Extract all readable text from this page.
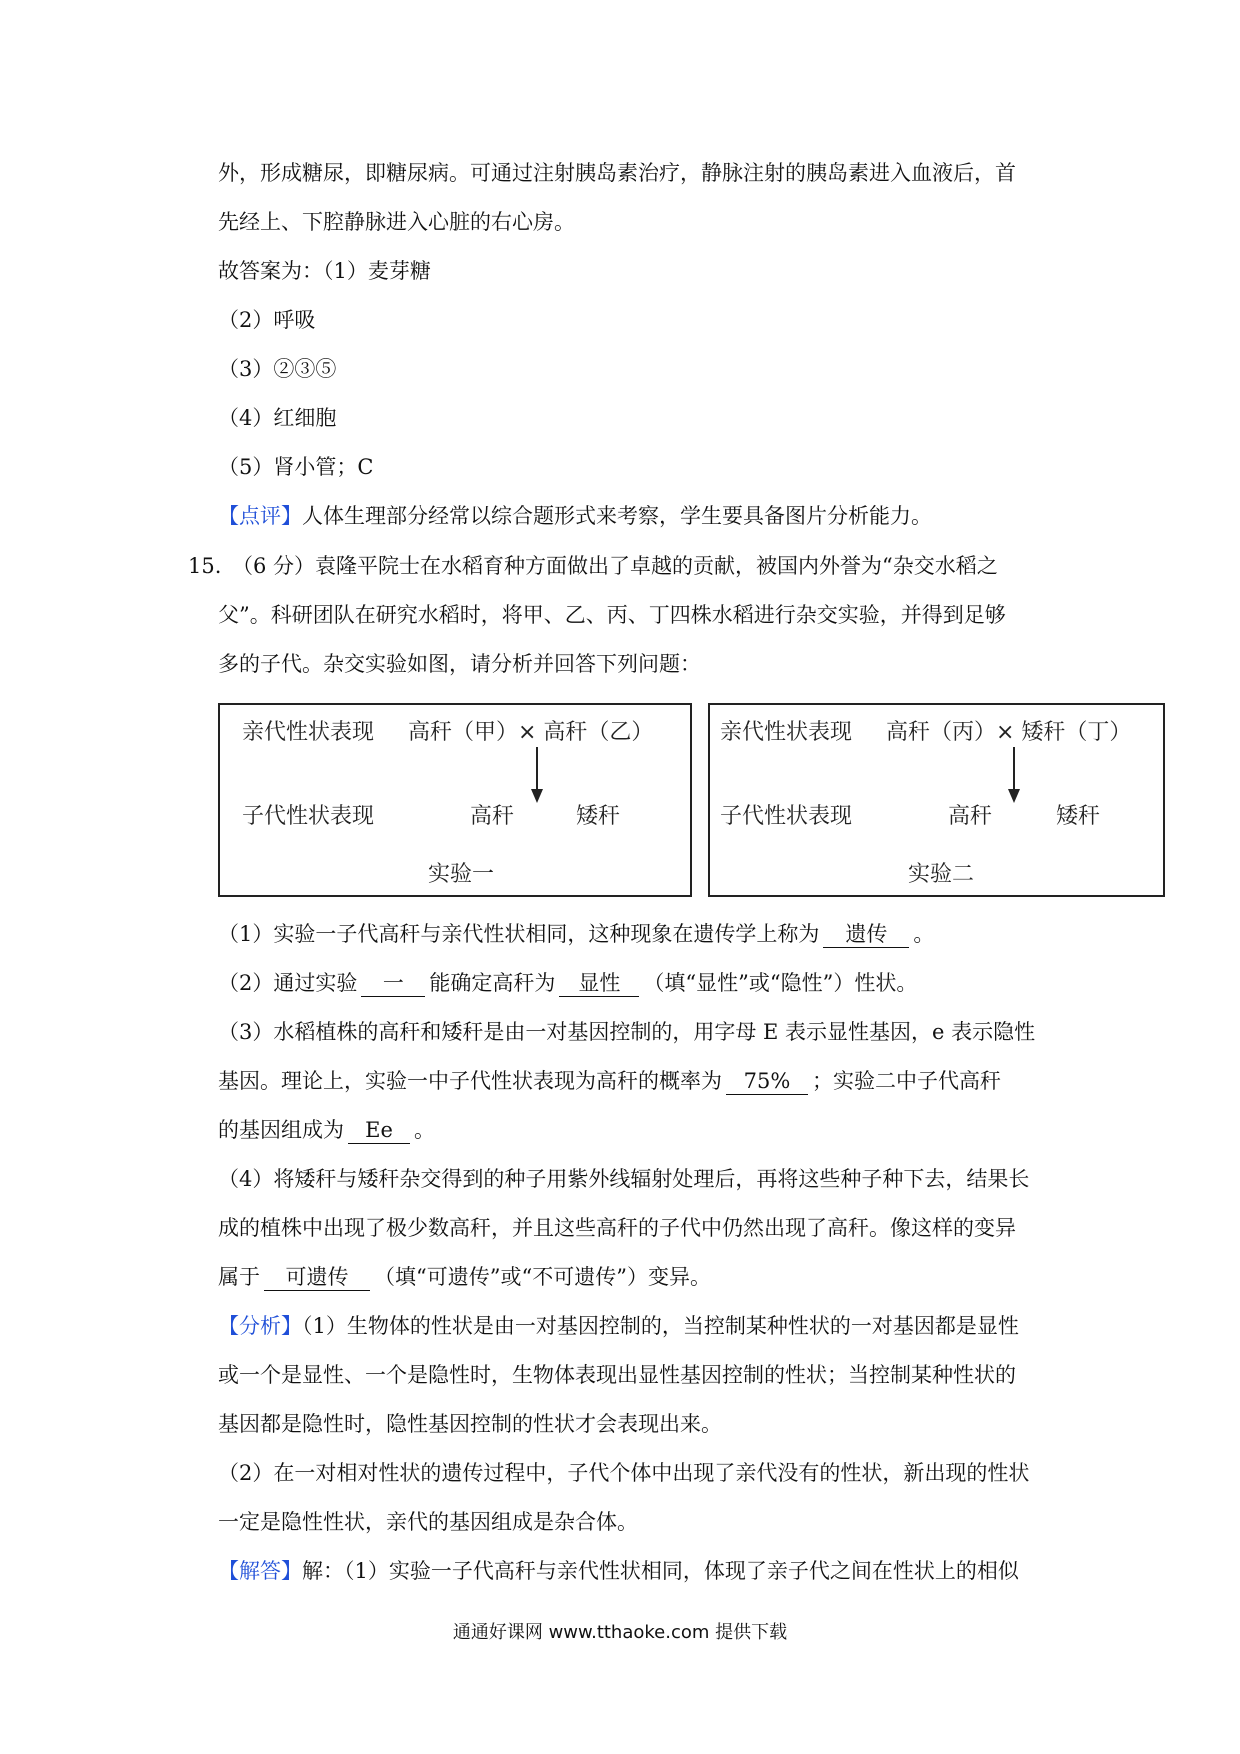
外，形成糖尿，即糖尿病。可通过注射胰岛素治疗，静脉注射的胰岛素进入血液后，首
先经上、下腔静脉进入心脏的右心房。
故答案为：（1）麦芽糖
（2）呼吸
（3）②③⑤
（4）红细胞
（5）肾小管；C
【点评】人体生理部分经常以综合题形式来考察，学生要具备图片分析能力。
15. （6 分）袁隆平院士在水稻育种方面做出了卓越的贡献，被国内外誉为“杂交水稻之
父”。科研团队在研究水稻时，将甲、乙、丙、丁四株水稻进行杂交实验，并得到足够
多的子代。杂交实验如图，请分析并回答下列问题：
亲代性状表现 高秆（甲）× 高秆（乙）
子代性状表现	高秆	矮秆
实验一
亲代性状表现 高秆（丙）× 矮秆（丁）
子代性状表现	高秆	矮秆
实验二
（1）实验一子代高秆与亲代性状相同，这种现象在遗传学上称为 遗传 。
（2）通过实验 一 能确定高秆为 显性 （填“显性”或“隐性”）性状。
（3）水稻植株的高秆和矮秆是由一对基因控制的，用字母 E 表示显性基因，e 表示隐性
基因。理论上，实验一中子代性状表现为高秆的概率为 75% ；实验二中子代高秆
的基因组成为 Ee 。
（4）将矮秆与矮秆杂交得到的种子用紫外线辐射处理后，再将这些种子种下去，结果长
成的植株中出现了极少数高秆，并且这些高秆的子代中仍然出现了高秆。像这样的变异
属于 可遗传 （填“可遗传”或“不可遗传”）变异。
【分析】（1）生物体的性状是由一对基因控制的，当控制某种性状的一对基因都是显性
或一个是显性、一个是隐性时，生物体表现出显性基因控制的性状；当控制某种性状的
基因都是隐性时，隐性基因控制的性状才会表现出来。
（2）在一对相对性状的遗传过程中，子代个体中出现了亲代没有的性状，新出现的性状
一定是隐性性状，亲代的基因组成是杂合体。
【解答】解：（1）实验一子代高秆与亲代性状相同，体现了亲子代之间在性状上的相似
通通好课网 www.tthaoke.com 提供下载
